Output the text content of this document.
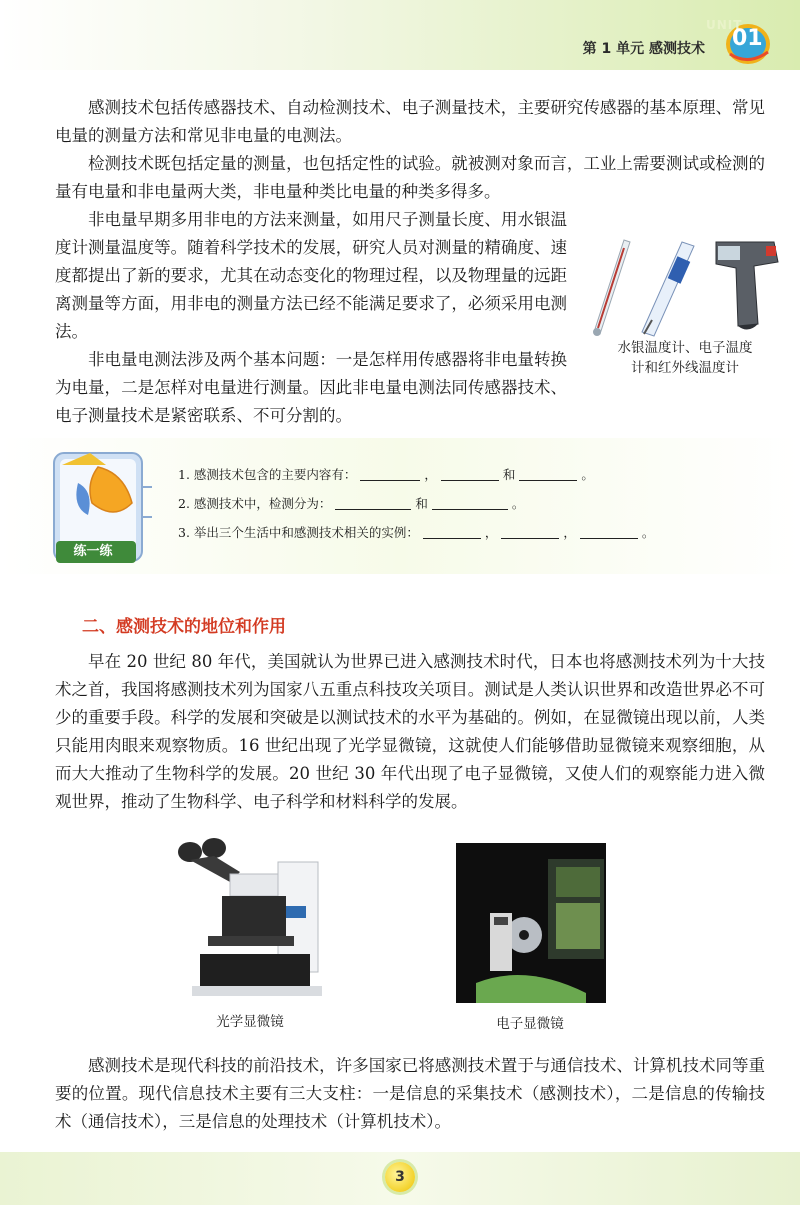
第 1 单元 感测技术
UNIT
01

感测技术包括传感器技术、自动检测技术、电子测量技术，主要研究传感器的基本原理、常见电量的测量方法和常见非电量的电测法。

检测技术既包括定量的测量，也包括定性的试验。就被测对象而言，工业上需要测试或检测的量有电量和非电量两大类，非电量种类比电量的种类多得多。

非电量早期多用非电的方法来测量，如用尺子测量长度、用水银温度计测量温度等。随着科学技术的发展，研究人员对测量的精确度、速度都提出了新的要求，尤其在动态变化的物理过程，以及物理量的远距离测量等方面，用非电的测量方法已经不能满足要求了，必须采用电测法。

非电量电测法涉及两个基本问题：一是怎样用传感器将非电量转换为电量，二是怎样对电量进行测量。因此非电量电测法同传感器技术、电子测量技术是紧密联系、不可分割的。

水银温度计、电子温度
计和红外线温度计
练一练

1. 感测技术包含的主要内容有：	，	和	。

2. 感测技术中，检测分为：	和	。

3. 举出三个生活中和感测技术相关的实例：	，	，	。

二、感测技术的地位和作用

早在 20 世纪 80 年代，美国就认为世界已进入感测技术时代，日本也将感测技术列为十大技术之首，我国将感测技术列为国家八五重点科技攻关项目。测试是人类认识世界和改造世界必不可少的重要手段。科学的发展和突破是以测试技术的水平为基础的。例如，在显微镜出现以前，人类只能用肉眼来观察物质。16 世纪出现了光学显微镜，这就使人们能够借助显微镜来观察细胞，从而大大推动了生物科学的发展。20 世纪 30 年代出现了电子显微镜，又使人们的观察能力进入微观世界，推动了生物科学、电子科学和材料科学的发展。

光学显微镜	电子显微镜

感测技术是现代科技的前沿技术，许多国家已将感测技术置于与通信技术、计算机技术同等重要的位置。现代信息技术主要有三大支柱：一是信息的采集技术（感测技术），二是信息的传输技术（通信技术），三是信息的处理技术（计算机技术）。

3
